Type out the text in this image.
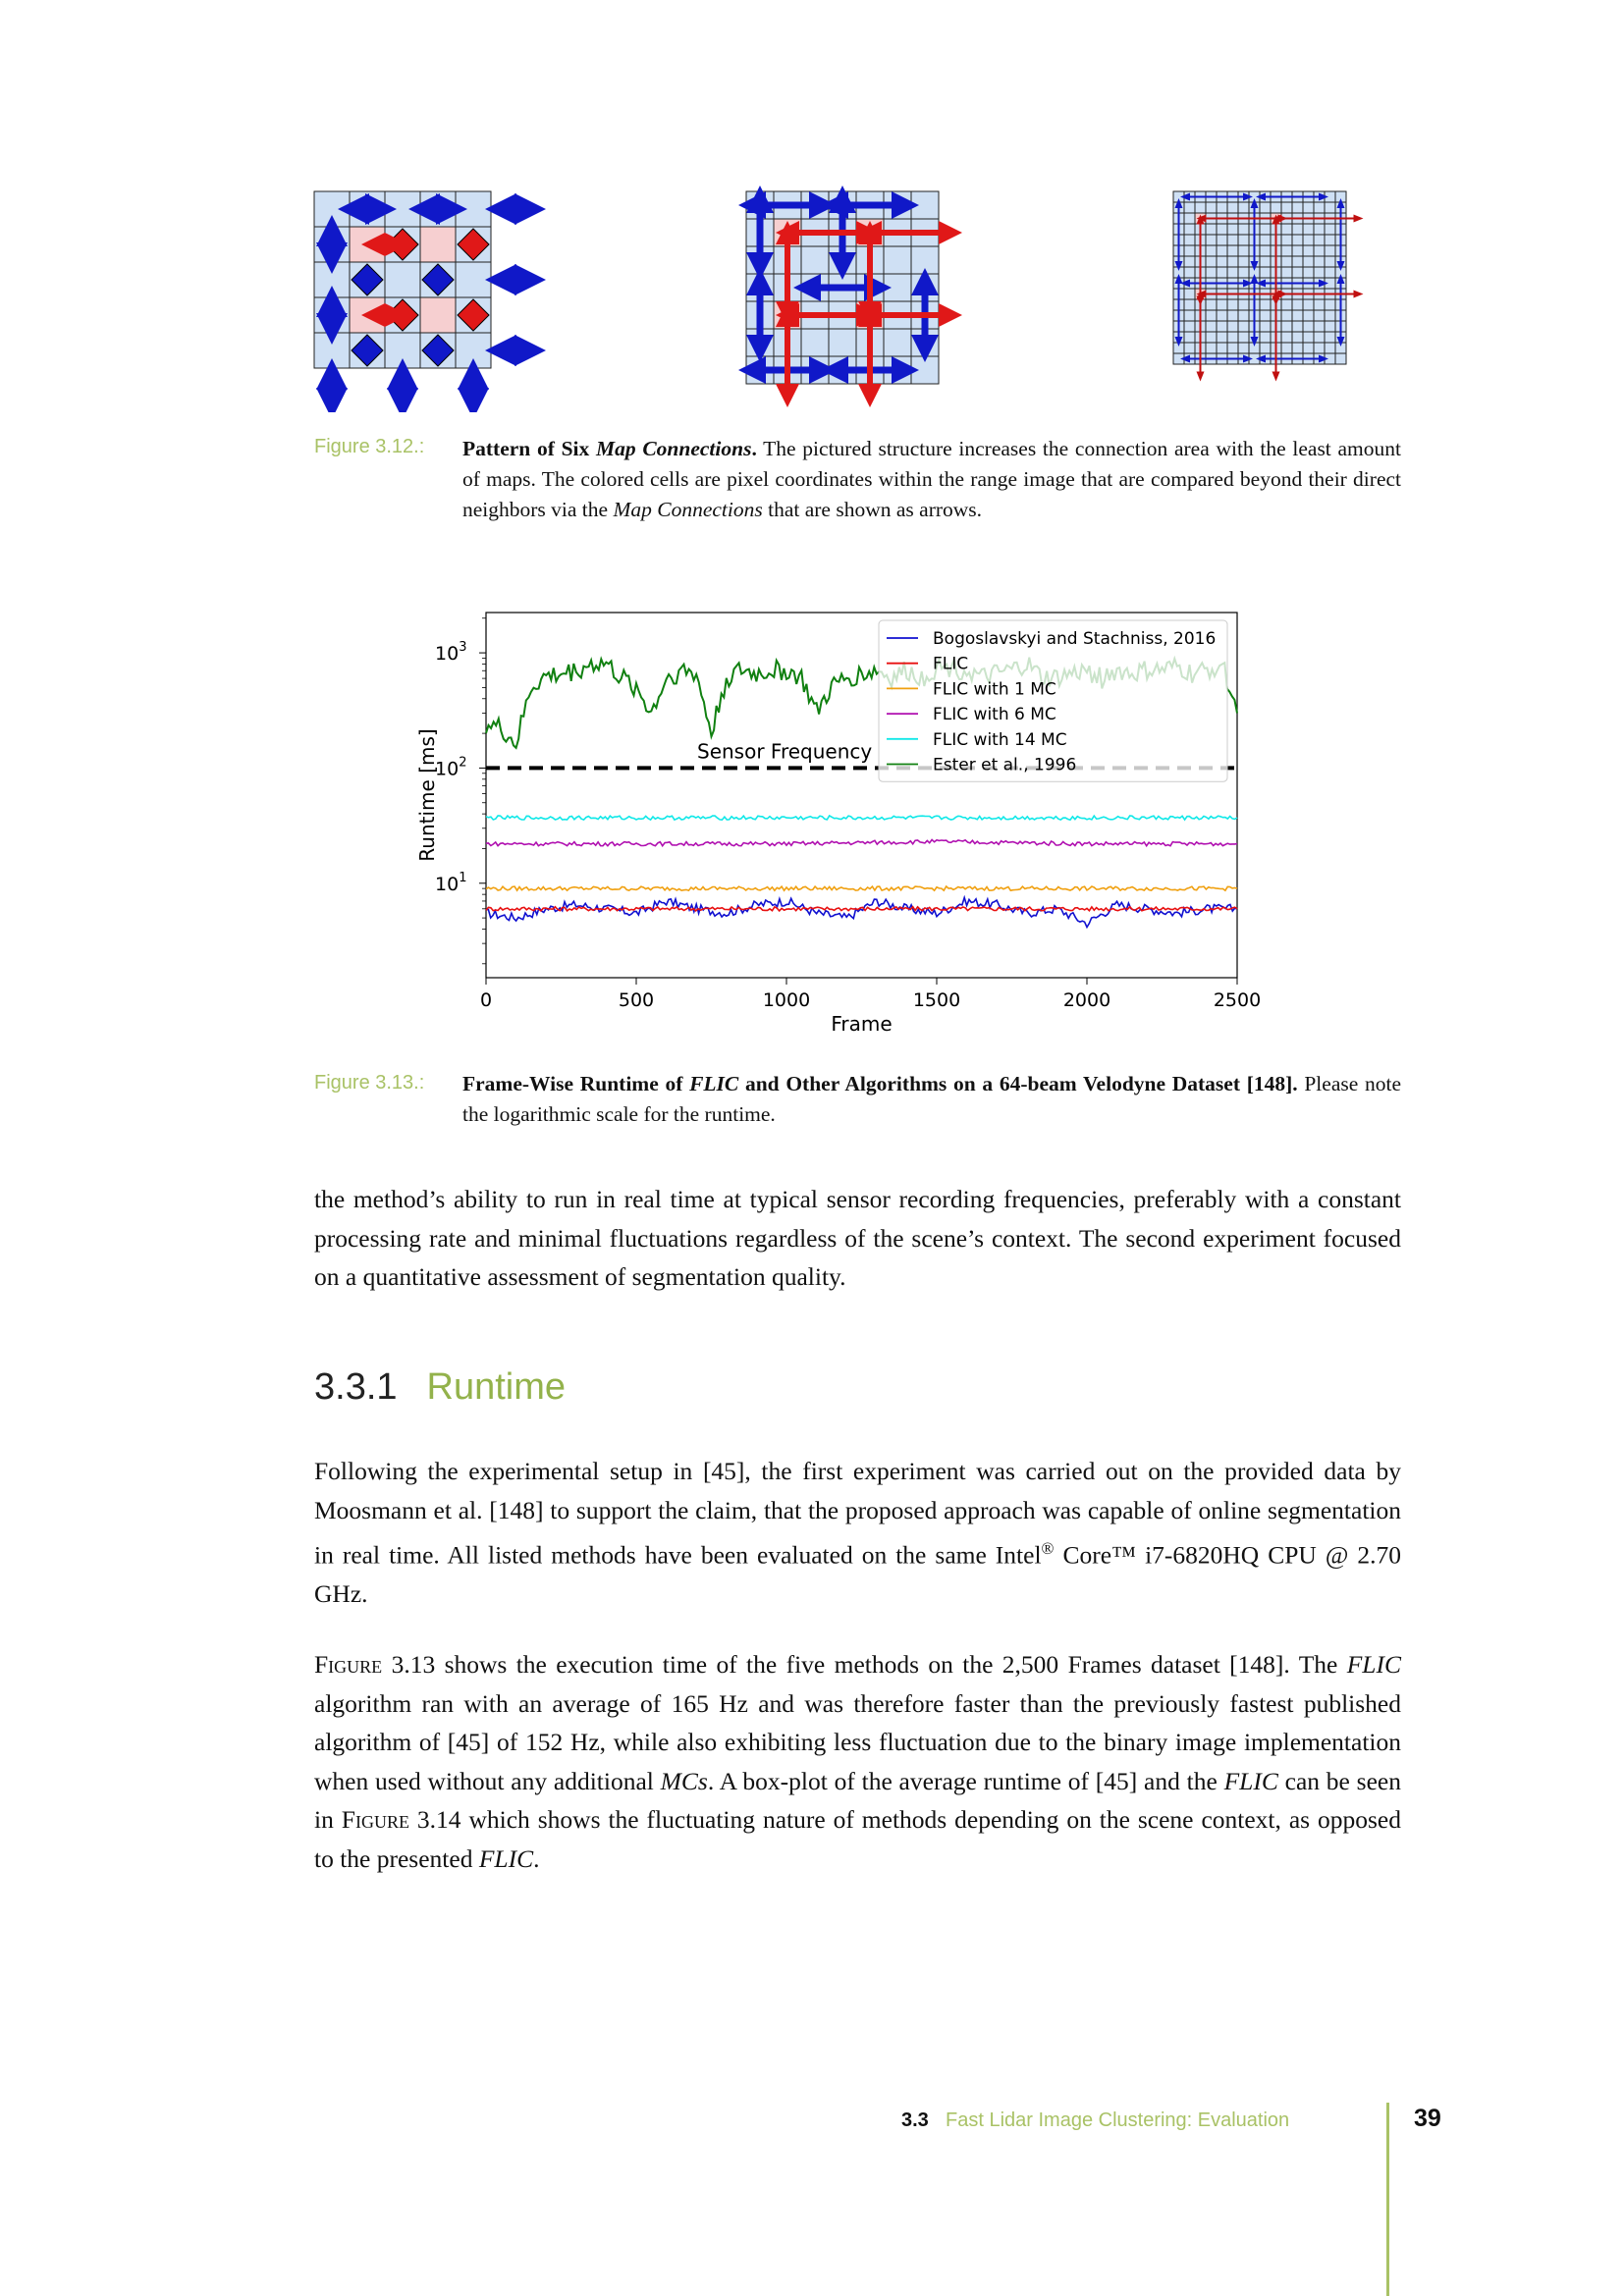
Figure 3.12.: Pattern of Six Map Connections. The pictured structure increases the connection area with the least amount of maps. The colored cells are pixel coordinates within the range image that are compared beyond their direct neighbors via the Map Connections that are shown as arrows.
$10^1$
$10^2$
$10^3$
0	500	1000	1500	2000	2500
Frame
Runtime [ms]	Sensor Frequency
Bogoslavskyi and Stachniss, 2016
FLIC
FLIC with 1 MC
FLIC with 6 MC
FLIC with 14 MC
Ester et al., 1996
Figure 3.13.: Frame-Wise Runtime of FLIC and Other Algorithms on a 64-beam Velodyne Dataset [148]. Please note the logarithmic scale for the runtime.

the method’s ability to run in real time at typical sensor recording frequencies, preferably with a constant processing rate and minimal fluctuations regardless of the scene’s context. The second experiment focused on a quantitative assessment of segmentation quality.

3.3.1 Runtime

Following the experimental setup in [45], the first experiment was carried out on the provided data by Moosmann et al. [148] to support the claim, that the proposed approach was capable of online segmentation in real time. All listed methods have been evaluated on the same Intel® Core™ i7-6820HQ CPU @ 2.70 GHz.

Figure 3.13 shows the execution time of the five methods on the 2,500 Frames dataset [148]. The FLIC algorithm ran with an average of 165 Hz and was therefore faster than the previously fastest published algorithm of [45] of 152 Hz, while also exhibiting less fluctuation due to the binary image implementation when used without any additional MCs. A box-plot of the average runtime of [45] and the FLIC can be seen in Figure 3.14 which shows the fluctuating nature of methods depending on the scene context, as opposed to the presented FLIC.

3.3 Fast Lidar Image Clustering: Evaluation	39
